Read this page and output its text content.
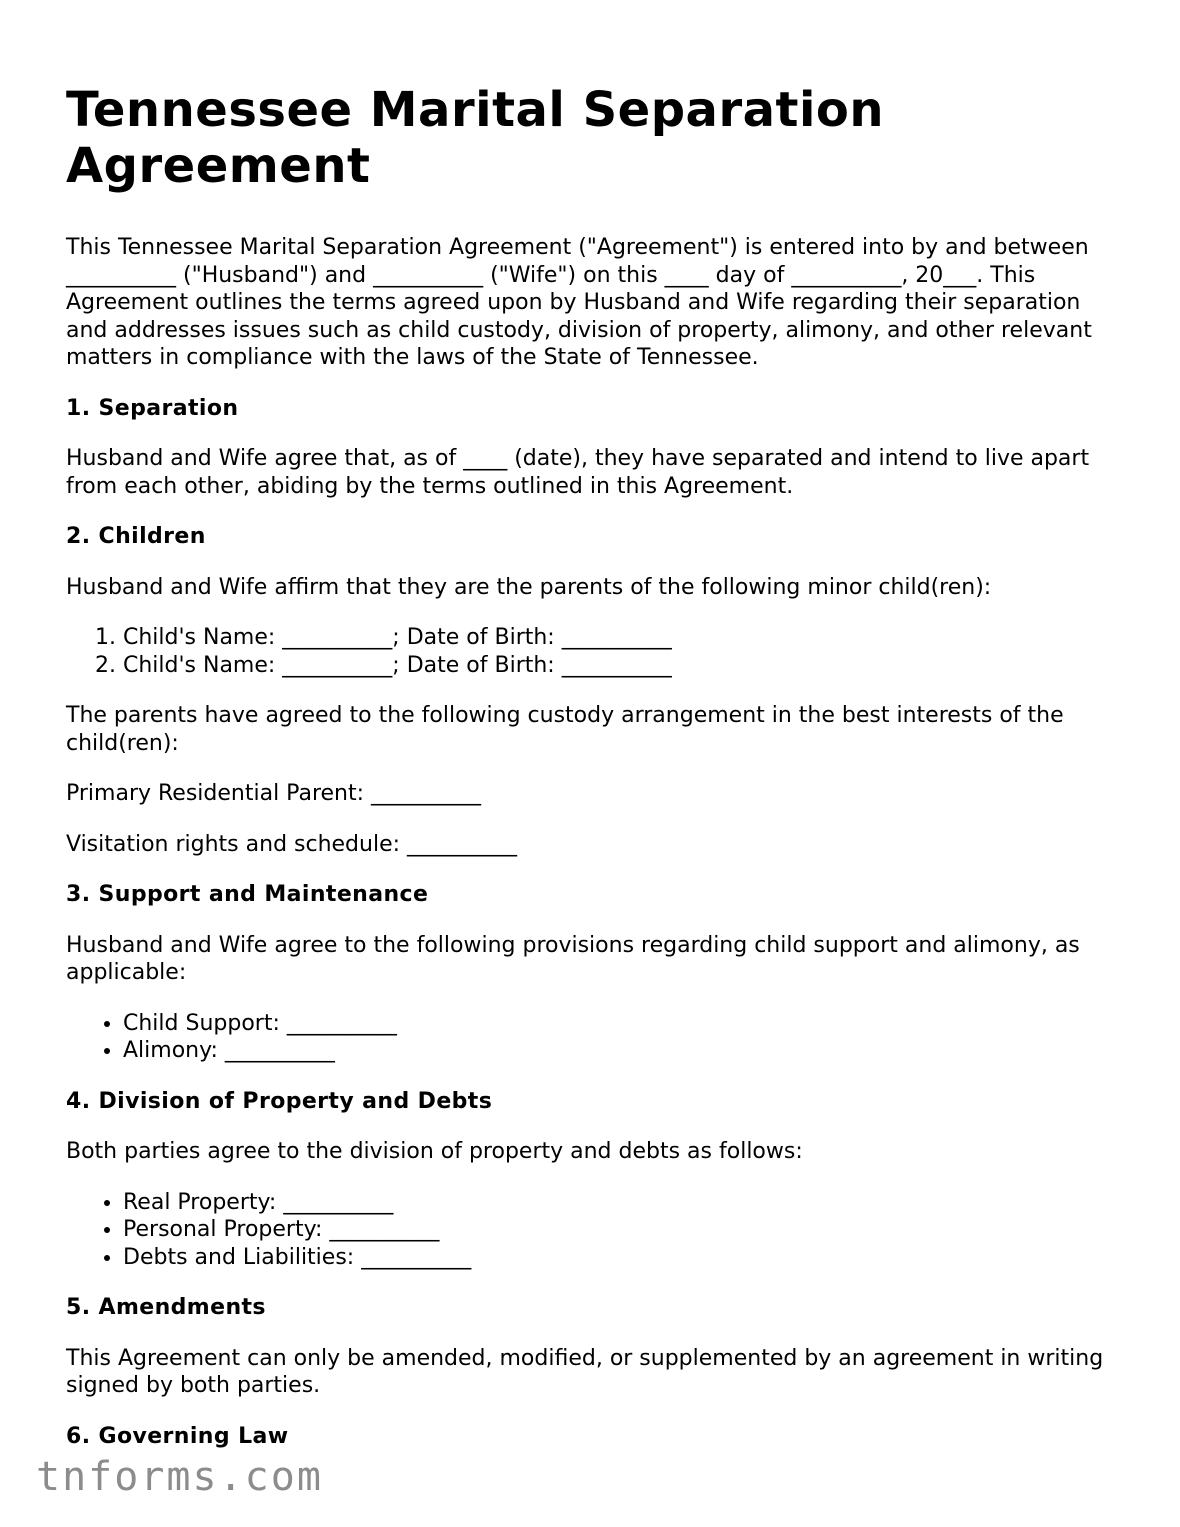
Tennessee Marital Separation Agreement

This Tennessee Marital Separation Agreement ("Agreement") is entered into by and between __________ ("Husband") and __________ ("Wife") on this ____ day of __________, 20___. This Agreement outlines the terms agreed upon by Husband and Wife regarding their separation and addresses issues such as child custody, division of property, alimony, and other relevant matters in compliance with the laws of the State of Tennessee.

1. Separation

Husband and Wife agree that, as of ____ (date), they have separated and intend to live apart from each other, abiding by the terms outlined in this Agreement.

2. Children

Husband and Wife affirm that they are the parents of the following minor child(ren):

1. Child's Name: __________; Date of Birth: __________
2. Child's Name: __________; Date of Birth: __________

The parents have agreed to the following custody arrangement in the best interests of the child(ren):

Primary Residential Parent: __________

Visitation rights and schedule: __________

3. Support and Maintenance

Husband and Wife agree to the following provisions regarding child support and alimony, as applicable:

• Child Support: __________
• Alimony: __________
4. Division of Property and Debts

Both parties agree to the division of property and debts as follows:

• Real Property: __________
• Personal Property: __________
• Debts and Liabilities: __________
5. Amendments

This Agreement can only be amended, modified, or supplemented by an agreement in writing signed by both parties.

6. Governing Law
tnforms.com
